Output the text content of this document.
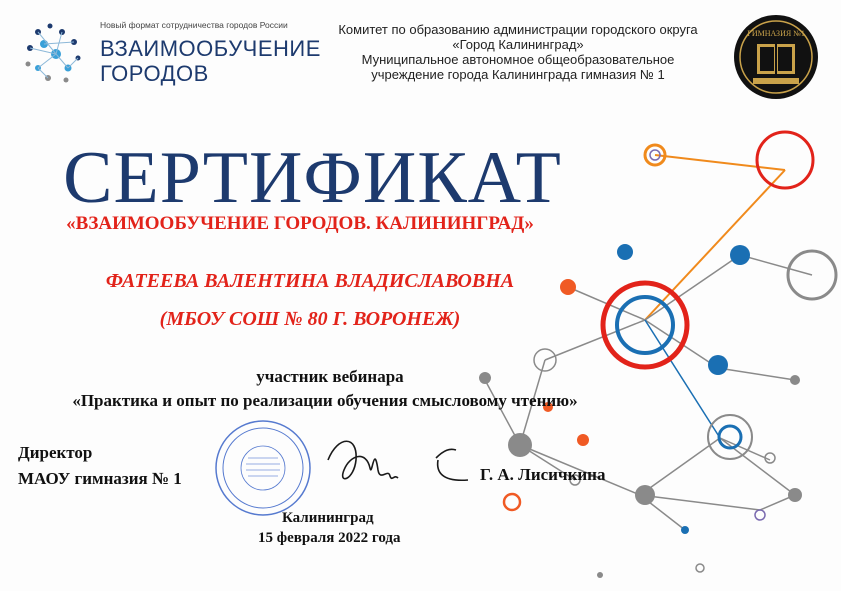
Новый формат сотрудничества городов России
ВЗАИМООБУЧЕНИЕ
ГОРОДОВ
Комитет по образованию администрации городского округа
«Город Калининград»
Муниципальное автономное общеобразовательное
учреждение города Калининграда гимназия № 1
ГИМНАЗИЯ №1
СЕРТИФИКАТ
«ВЗАИМООБУЧЕНИЕ ГОРОДОВ. КАЛИНИНГРАД»
ФАТЕЕВА ВАЛЕНТИНА ВЛАДИСЛАВОВНА
(МБОУ СОШ № 80 Г. ВОРОНЕЖ)
участник вебинара
«Практика и опыт по реализации обучения смысловому чтению»
Директор
МАОУ гимназия № 1	Г. А. Лисичкина
Калининград
15 февраля 2022 года
